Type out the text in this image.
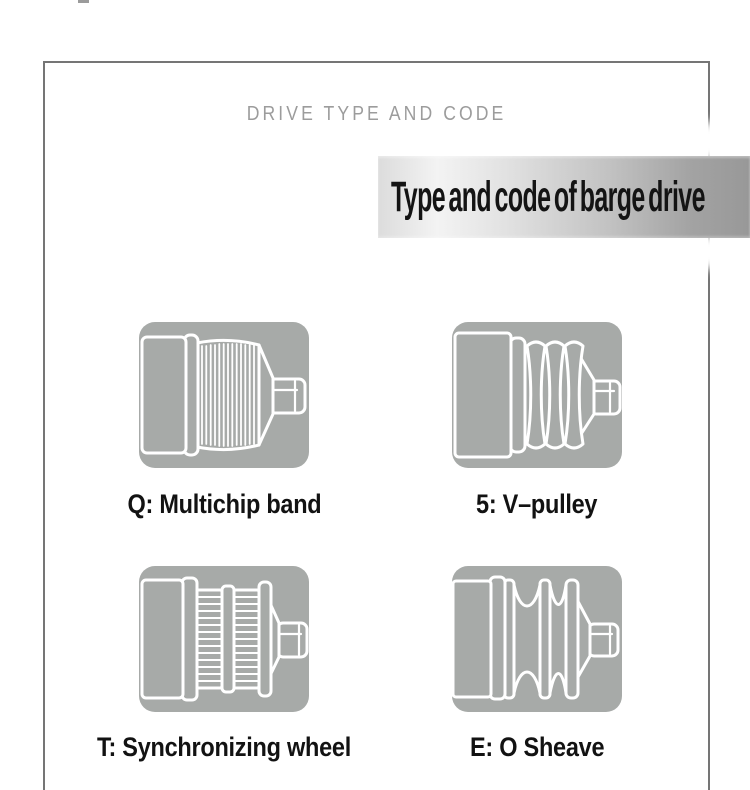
DRIVE TYPE AND CODE
Type and code of barge drive
Q: Multichip band	5: V–pulley
T: Synchronizing wheel	E: O Sheave
